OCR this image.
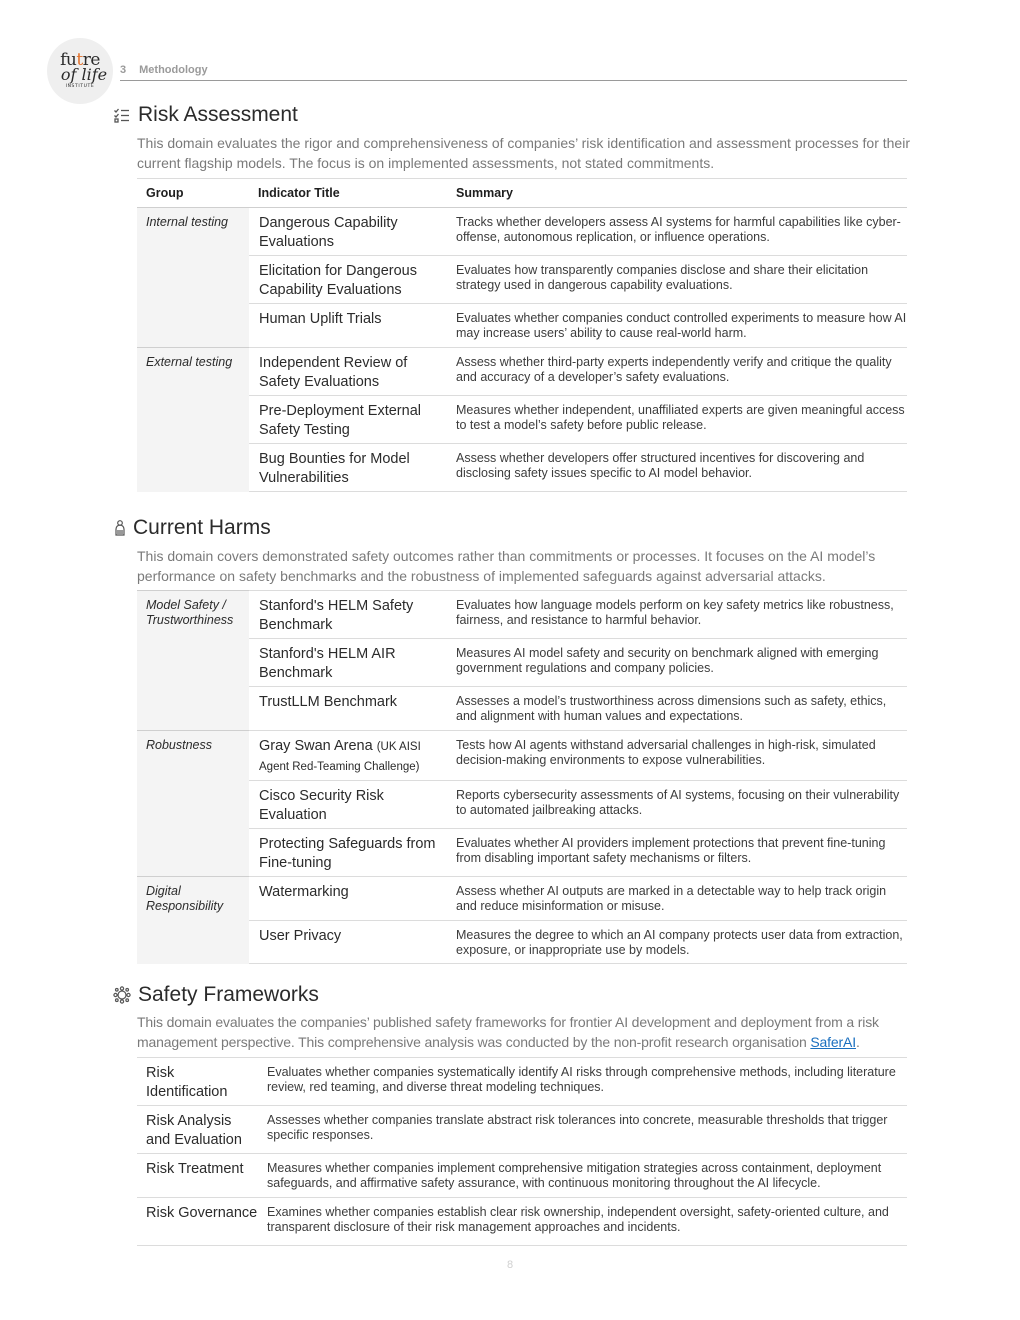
futre
of life
INSTITUTE
3 Methodology
Risk Assessment
This domain evaluates the rigor and comprehensiveness of companies’ risk identification and assessment processes for their current flagship models. The focus is on implemented assessments, not stated commitments.
Group	Indicator Title	Summary
Internal testing	Dangerous Capability Evaluations	Tracks whether developers assess AI systems for harmful capabilities like cyber-offense, autonomous replication, or influence operations.
	Elicitation for Dangerous Capability Evaluations	Evaluates how transparently companies disclose and share their elicitation strategy used in dangerous capability evaluations.
	Human Uplift Trials	Evaluates whether companies conduct controlled experiments to measure how AI may increase users’ ability to cause real-world harm.
External testing	Independent Review of Safety Evaluations	Assess whether third-party experts independently verify and critique the quality and accuracy of a developer’s safety evaluations.
	Pre-Deployment External Safety Testing	Measures whether independent, unaffiliated experts are given meaningful access to test a model’s safety before public release.
	Bug Bounties for Model Vulnerabilities	Assess whether developers offer structured incentives for discovering and disclosing safety issues specific to AI model behavior.
Current Harms
This domain covers demonstrated safety outcomes rather than commitments or processes. It focuses on the AI model’s performance on safety benchmarks and the robustness of implemented safeguards against adversarial attacks.
Model Safety / Trustworthiness	Stanford's HELM Safety Benchmark	Evaluates how language models perform on key safety metrics like robustness, fairness, and resistance to harmful behavior.
	Stanford's HELM AIR Benchmark	Measures AI model safety and security on benchmark aligned with emerging government regulations and company policies.
	TrustLLM Benchmark	Assesses a model’s trustworthiness across dimensions such as safety, ethics, and alignment with human values and expectations.
Robustness	Gray Swan Arena (UK AISI Agent Red-Teaming Challenge)	Tests how AI agents withstand adversarial challenges in high-risk, simulated decision-making environments to expose vulnerabilities.
	Cisco Security Risk Evaluation	Reports cybersecurity assessments of AI systems, focusing on their vulnerability to automated jailbreaking attacks.
	Protecting Safeguards from Fine-tuning	Evaluates whether AI providers implement protections that prevent fine-tuning from disabling important safety mechanisms or filters.
Digital Responsibility	Watermarking	Assess whether AI outputs are marked in a detectable way to help track origin and reduce misinformation or misuse.
	User Privacy	Measures the degree to which an AI company protects user data from extraction, exposure, or inappropriate use by models.
Safety Frameworks
This domain evaluates the companies’ published safety frameworks for frontier AI development and deployment from a risk management perspective. This comprehensive analysis was conducted by the non-profit research organisation SaferAI.
Risk Identification	Evaluates whether companies systematically identify AI risks through comprehensive methods, including literature review, red teaming, and diverse threat modeling techniques.
Risk Analysis and Evaluation	Assesses whether companies translate abstract risk tolerances into concrete, measurable thresholds that trigger specific responses.
Risk Treatment	Measures whether companies implement comprehensive mitigation strategies across containment, deployment safeguards, and affirmative safety assurance, with continuous monitoring throughout the AI lifecycle.
Risk Governance	Examines whether companies establish clear risk ownership, independent oversight, safety-oriented culture, and transparent disclosure of their risk management approaches and incidents.
8
